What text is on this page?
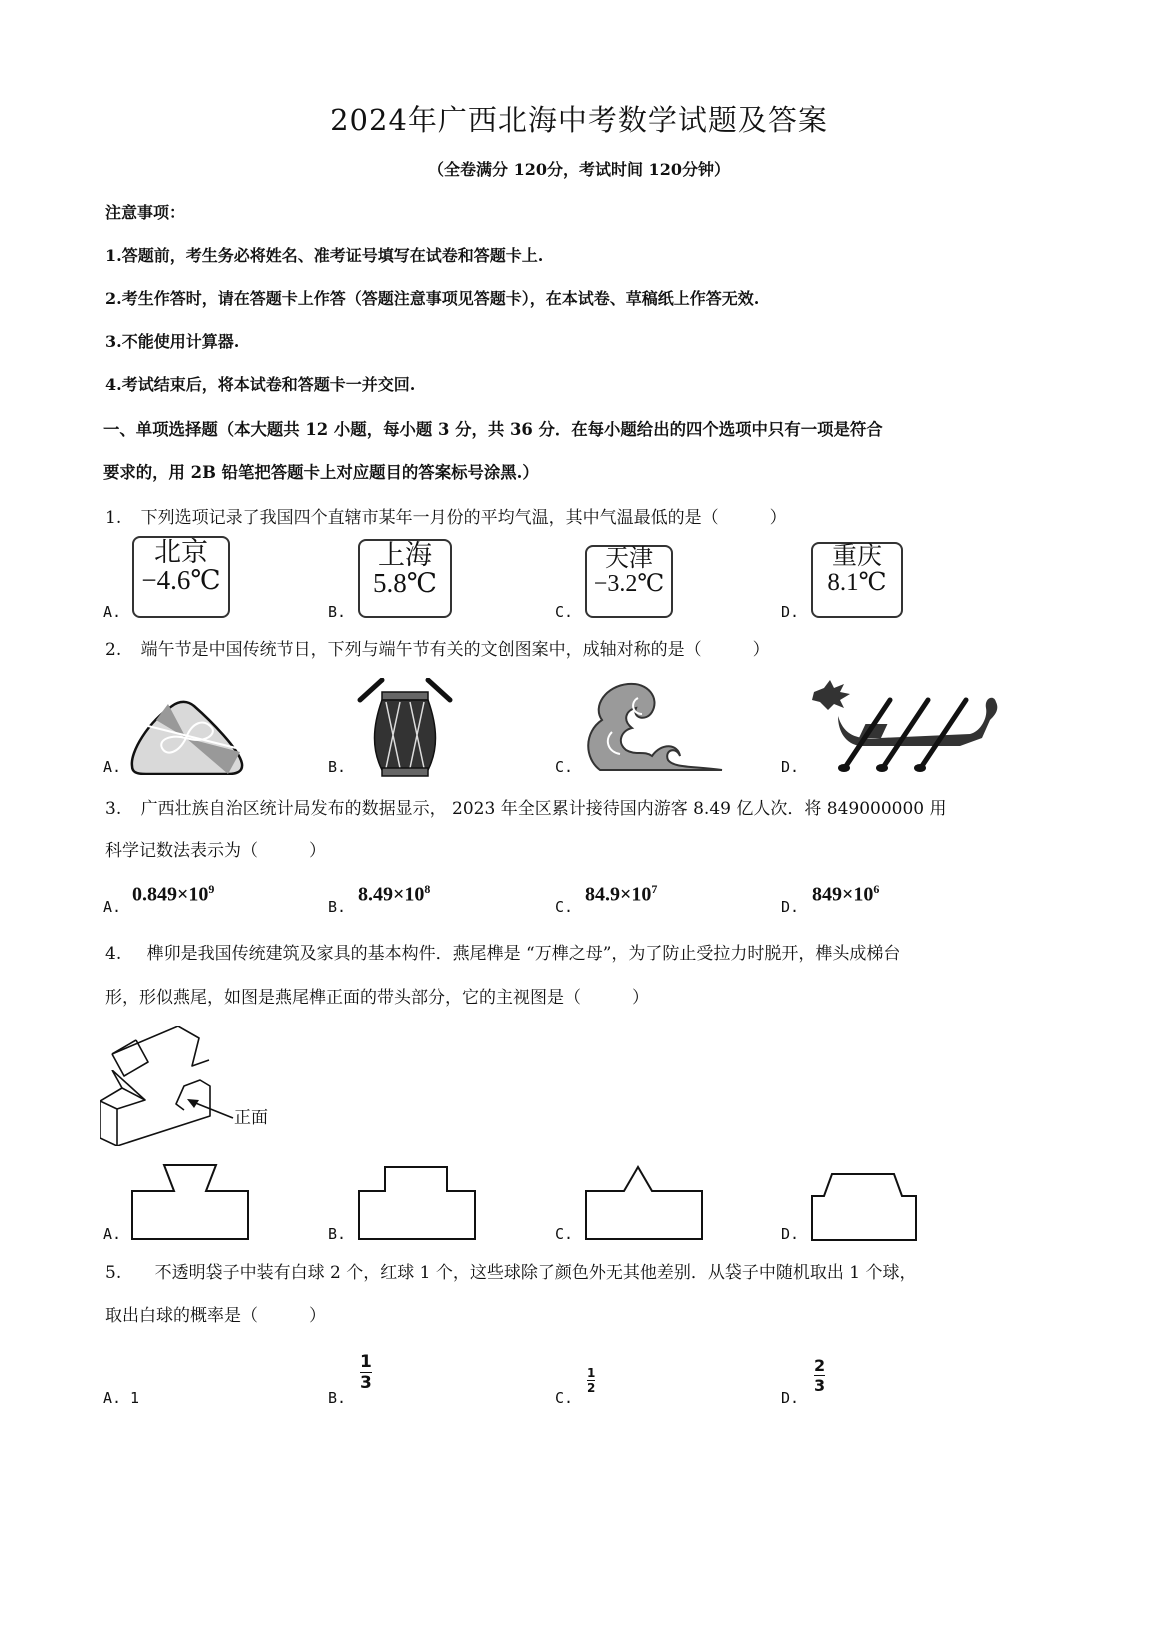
2024年广西北海中考数学试题及答案
（全卷满分 120分，考试时间 120分钟）
注意事项：
1.答题前，考生务必将姓名、准考证号填写在试卷和答题卡上.
2.考生作答时，请在答题卡上作答（答题注意事项见答题卡），在本试卷、草稿纸上作答无效.
3.不能使用计算器.
4.考试结束后，将本试卷和答题卡一并交回.
一、单项选择题（本大题共 12 小题，每小题 3 分，共 36 分．在每小题给出的四个选项中只有一项是符合
要求的，用 2B 铅笔把答题卡上对应题目的答案标号涂黑.）
1. 下列选项记录了我国四个直辖市某年一月份的平均气温，其中气温最低的是（　　　）
A.
北京
−4.6℃
B.
上海
5.8℃
C.
天津
−3.2℃
D.
重庆
8.1℃
2. 端午节是中国传统节日，下列与端午节有关的文创图案中，成轴对称的是（　　　）
A.	B.	C.	D.
3. 广西壮族自治区统计局发布的数据显示， 2023 年全区累计接待国内游客 8.49 亿人次．将 849000000 用
科学记数法表示为（　　　）
A.
$0.849\times 10^9$
B.
$8.49\times 10^8$
C.
$84.9\times 10^7$
D.
$849\times 10^6$
4. 榫卯是我国传统建筑及家具的基本构件．燕尾榫是 “万榫之母”，为了防止受拉力时脱开，榫头成梯台
形，形似燕尾，如图是燕尾榫正面的带头部分，它的主视图是（　　　）
正面
A.	B.	C.	D.
5. 不透明袋子中装有白球 2 个，红球 1 个，这些球除了颜色外无其他差别．从袋子中随机取出 1 个球，
取出白球的概率是（　　　）
A. 1	B.
1
3
C.
1
2
D.
2
3
